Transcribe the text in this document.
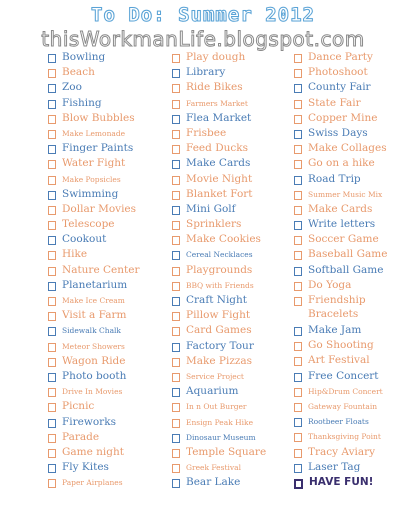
To Do: Summer 2012
thisWorkmanLife.blogspot.com
Bowling
Beach
Zoo
Fishing
Blow Bubbles
Make Lemonade
Finger Paints
Water Fight
Make Popsicles
Swimming
Dollar Movies
Telescope
Cookout
Hike
Nature Center
Planetarium
Make Ice Cream
Visit a Farm
Sidewalk Chalk
Meteor Showers
Wagon Ride
Photo booth
Drive In Movies
Picnic
Fireworks
Parade
Game night
Fly Kites
Paper Airplanes
Play dough
Library
Ride Bikes
Farmers Market
Flea Market
Frisbee
Feed Ducks
Make Cards
Movie Night
Blanket Fort
Mini Golf
Sprinklers
Make Cookies
Cereal Necklaces
Playgrounds
BBQ with Friends
Craft Night
Pillow Fight
Card Games
Factory Tour
Make Pizzas
Service Project
Aquarium
In n Out Burger
Ensign Peak Hike
Dinosaur Museum
Temple Square
Greek Festival
Bear Lake
Dance Party
Photoshoot
County Fair
State Fair
Copper Mine
Swiss Days
Make Collages
Go on a hike
Road Trip
Summer Music Mix
Make Cards
Write letters
Soccer Game
Baseball Game
Softball Game
Do Yoga
Friendship Bracelets
Make Jam
Go Shooting
Art Festival
Free Concert
Hip&Drum Concert
Gateway Fountain
Rootbeer Floats
Thanksgiving Point
Tracy Aviary
Laser Tag
HAVE FUN!
